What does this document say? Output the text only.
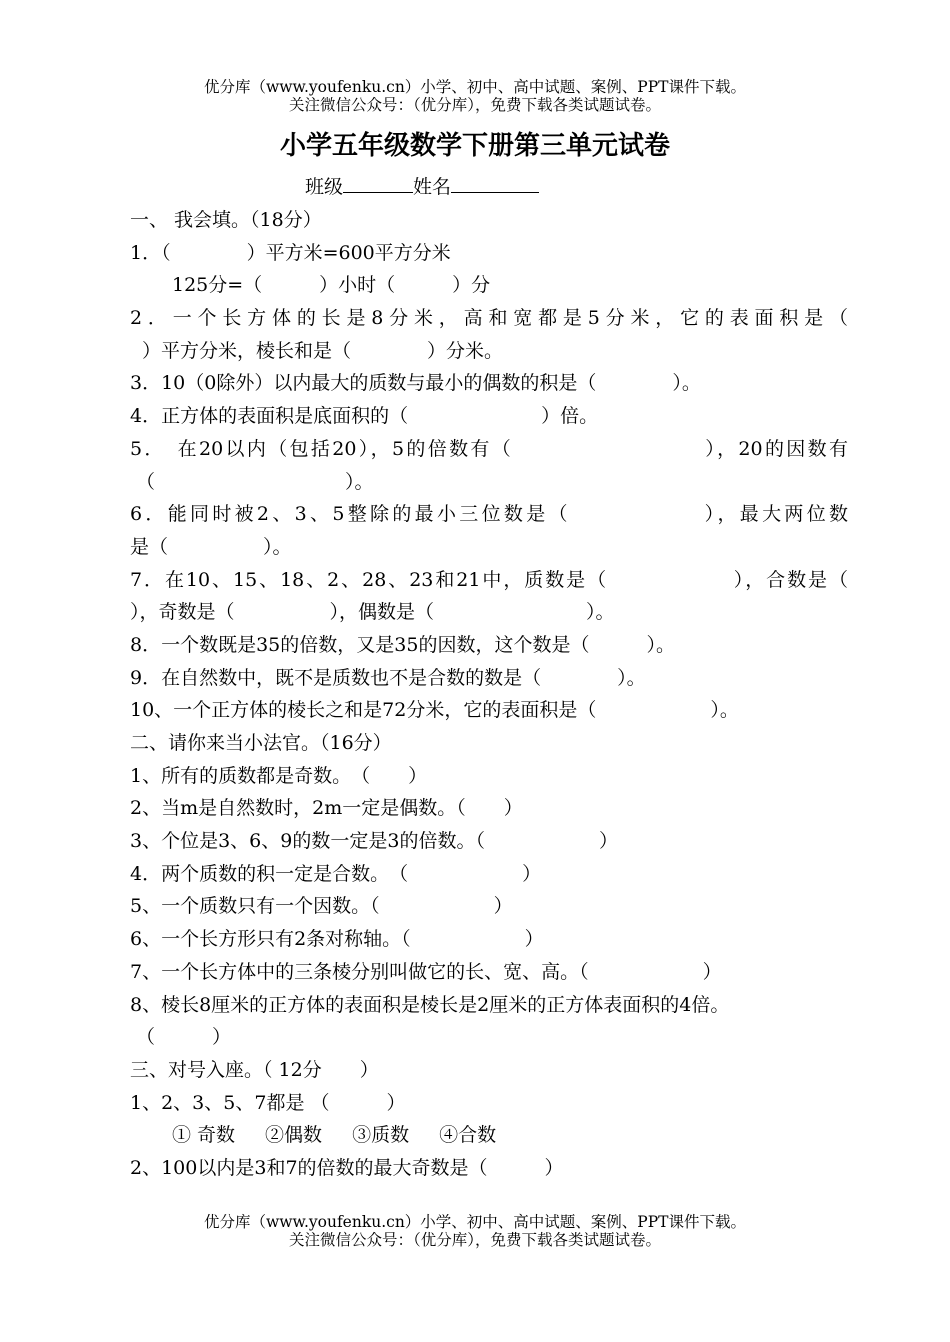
优分库（www.youfenku.cn）小学、初中、高中试题、案例、PPT课件下载。
关注微信公众号：（优分库），免费下载各类试题试卷。
小学五年级数学下册第三单元试卷
班级	姓名
一、 我会填。（18分）
1．（　　　　）平方米=600平方分米
125分=（　　　）小时（　　　）分
2．一个长方体的长是8分米，高和宽都是5分米，它的表面积是（
）平方分米，棱长和是（　　　　）分米。
3．10（0除外）以内最大的质数与最小的偶数的积是（　　　　）。
4．正方体的表面积是底面积的（　　　　　　　）倍。
5．　在20以内（包括20），5的倍数有（　　　　　　　　　），20的因数有
（　　　　　　　　　　）。
6．能同时被2、3、5整除的最小三位数是（　　　　　　），最大两位数
是（　　　　　）。
7．在10、15、18、2、28、23和21中，质数是（　　　　　　），合数是（
），奇数是（　　　　　），偶数是（　　　　　　　　）。
8．一个数既是35的倍数，又是35的因数，这个数是（　　　）。
9．在自然数中，既不是质数也不是合数的数是（　　　　）。
10、一个正方体的棱长之和是72分米，它的表面积是（　　　　　　）。
二、请你来当小法官。（16分）
1、所有的质数都是奇数。　（　　）
2、当m是自然数时，2m一定是偶数。（　　）
3、个位是3、6、9的数一定是3的倍数。（　　　　　　）
4．两个质数的积一定是合数。　（　　　　　　）
5、一个质数只有一个因数。（　　　　　　）
6、一个长方形只有2条对称轴。（　　　　　　）
7、一个长方体中的三条棱分别叫做它的长、宽、高。（　　　　　　）
8、棱长8厘米的正方体的表面积是棱长是2厘米的正方体表面积的4倍。
（　　　）
三、对号入座。（ 12分　　）
1、2、3、5、7都是 （　　　）
① 奇数 ②偶数 ③质数 ④合数
2、100以内是3和7的倍数的最大奇数是（　　　）
优分库（www.youfenku.cn）小学、初中、高中试题、案例、PPT课件下载。
关注微信公众号：（优分库），免费下载各类试题试卷。
